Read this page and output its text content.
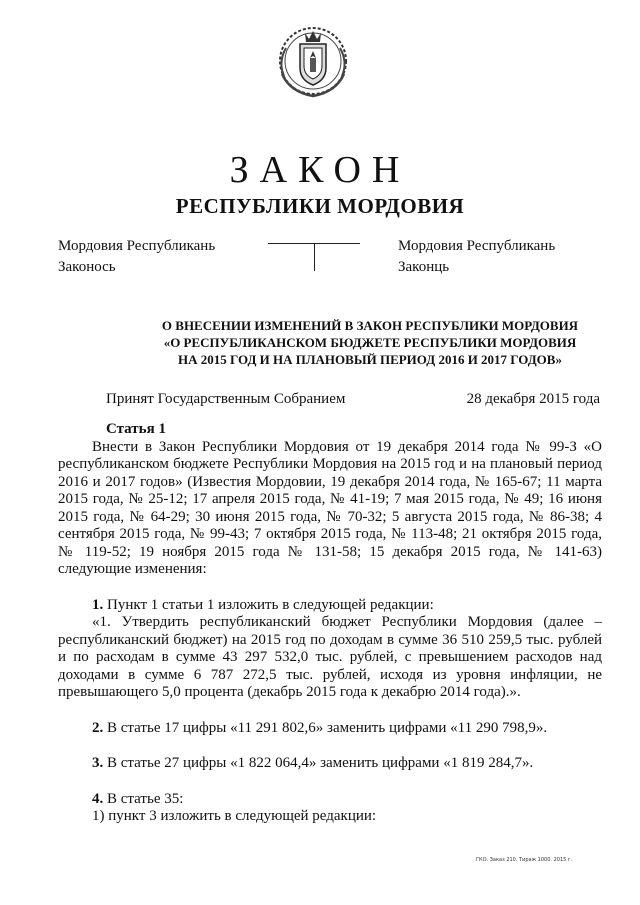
ЗАКОН
РЕСПУБЛИКИ МОРДОВИЯ
Мордовия Республикань
Законось
Мордовия Республикань
Законць
О ВНЕСЕНИИ ИЗМЕНЕНИЙ В ЗАКОН РЕСПУБЛИКИ МОРДОВИЯ
«О РЕСПУБЛИКАНСКОМ БЮДЖЕТЕ РЕСПУБЛИКИ МОРДОВИЯ
НА 2015 ГОД И НА ПЛАНОВЫЙ ПЕРИОД 2016 И 2017 ГОДОВ»
Принят Государственным Собранием	28 декабря 2015 года

Статья 1

Внести в Закон Республики Мордовия от 19 декабря 2014 года № 99-З «О республиканском бюджете Республики Мордовия на 2015 год и на плановый период 2016 и 2017 годов» (Известия Мордовии, 19 декабря 2014 года, № 165-67; 11 марта 2015 года, № 25-12; 17 апреля 2015 года, № 41-19; 7 мая 2015 года, № 49; 16 июня 2015 года, № 64-29; 30 июня 2015 года, № 70-32; 5 августа 2015 года, № 86-38; 4 сентября 2015 года, № 99-43; 7 октября 2015 года, № 113-48; 21 октября 2015 года, № 119-52; 19 ноября 2015 года № 131-58; 15 декабря 2015 года, № 141-63) следующие изменения:

1. Пункт 1 статьи 1 изложить в следующей редакции:

«1. Утвердить республиканский бюджет Республики Мордовия (далее – республиканский бюджет) на 2015 год по доходам в сумме 36 510 259,5 тыс. рублей и по расходам в сумме 43 297 532,0 тыс. рублей, с превышением расходов над доходами в сумме 6 787 272,5 тыс. рублей, исходя из уровня инфляции, не превышающего 5,0 процента (декабрь 2015 года к декабрю 2014 года).».

2. В статье 17 цифры «11 291 802,6» заменить цифрами «11 290 798,9».

3. В статье 27 цифры «1 822 064,4» заменить цифрами «1 819 284,7».

4. В статье 35:

1) пункт 3 изложить в следующей редакции:

ГКО. Заказ 210. Тираж 1000. 2015 г.
